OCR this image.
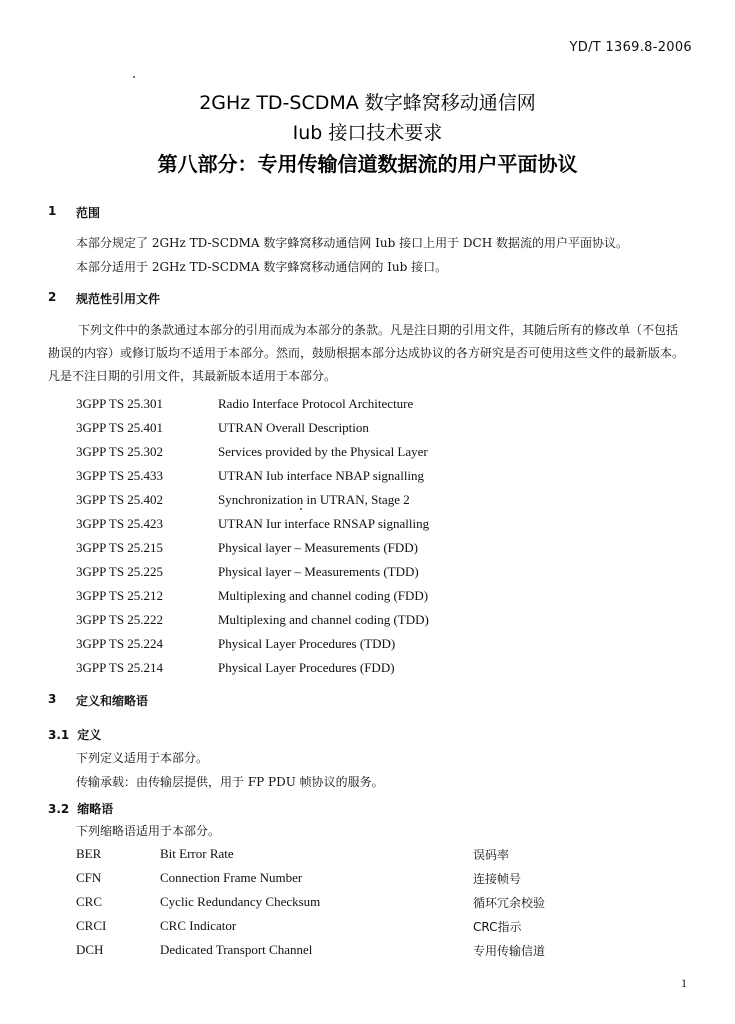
YD/T 1369.8-2006
2GHz TD-SCDMA 数字蜂窝移动通信网
Iub 接口技术要求
第八部分：专用传输信道数据流的用户平面协议
1 范围
本部分规定了 2GHz TD-SCDMA 数字蜂窝移动通信网 Iub 接口上用于 DCH 数据流的用户平面协议。
本部分适用于 2GHz TD-SCDMA 数字蜂窝移动通信网的 Iub 接口。
2 规范性引用文件
下列文件中的条款通过本部分的引用而成为本部分的条款。凡是注日期的引用文件，其随后所有的修改单（不包括勘误的内容）或修订版均不适用于本部分。然而，鼓励根据本部分达成协议的各方研究是否可使用这些文件的最新版本。凡是不注日期的引用文件，其最新版本适用于本部分。
3GPP TS 25.301	Radio Interface Protocol Architecture
3GPP TS 25.401	UTRAN Overall Description
3GPP TS 25.302	Services provided by the Physical Layer
3GPP TS 25.433	UTRAN Iub interface NBAP signalling
3GPP TS 25.402	Synchronization in UTRAN, Stage 2
3GPP TS 25.423	UTRAN Iur interface RNSAP signalling
3GPP TS 25.215	Physical layer – Measurements (FDD)
3GPP TS 25.225	Physical layer – Measurements (TDD)
3GPP TS 25.212	Multiplexing and channel coding (FDD)
3GPP TS 25.222	Multiplexing and channel coding (TDD)
3GPP TS 25.224	Physical Layer Procedures (TDD)
3GPP TS 25.214	Physical Layer Procedures (FDD)
3 定义和缩略语
3.1 定义
下列定义适用于本部分。
传输承载：由传输层提供，用于 FP PDU 帧协议的服务。
3.2 缩略语
下列缩略语适用于本部分。
BER	Bit Error Rate	误码率
CFN	Connection Frame Number	连接帧号
CRC	Cyclic Redundancy Checksum	循环冗余校验
CRCI	CRC Indicator	CRC指示
DCH	Dedicated Transport Channel	专用传输信道
1
